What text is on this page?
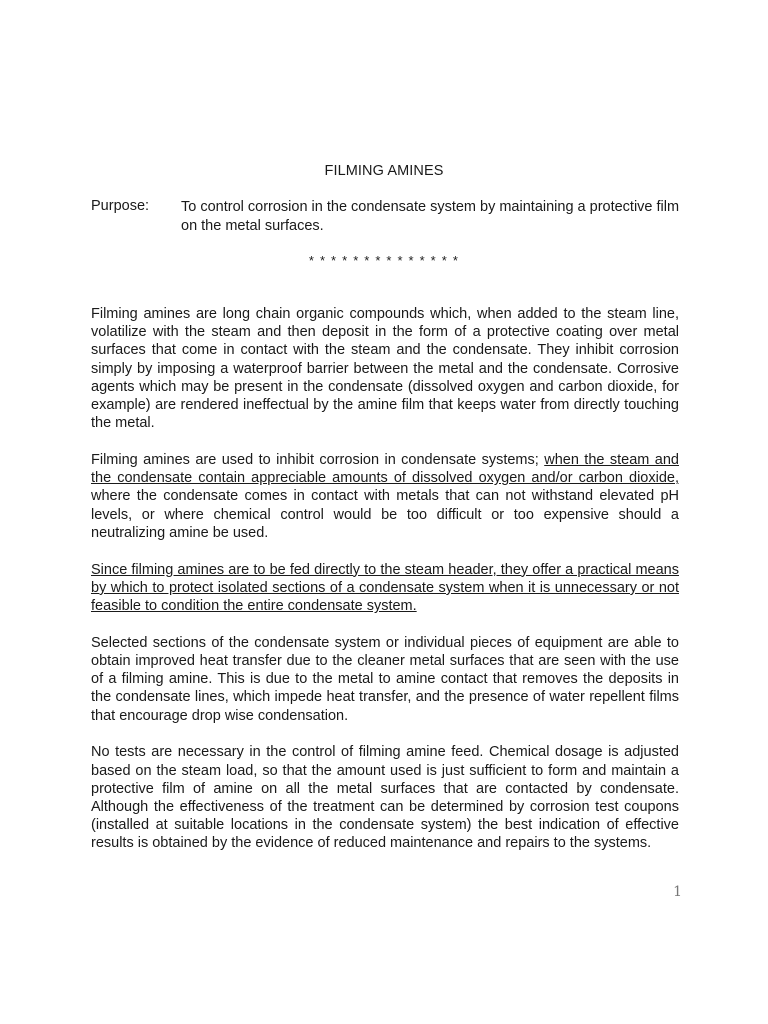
FILMING AMINES
Purpose: To control corrosion in the condensate system by maintaining a protective film on the metal surfaces.
* * * * * * * * * * * * * *

Filming amines are long chain organic compounds which, when added to the steam line, volatilize with the steam and then deposit in the form of a protective coating over metal surfaces that come in contact with the steam and the condensate. They inhibit corrosion simply by imposing a waterproof barrier between the metal and the condensate. Corrosive agents which may be present in the condensate (dissolved oxygen and carbon dioxide, for example) are rendered ineffectual by the amine film that keeps water from directly touching the metal.

Filming amines are used to inhibit corrosion in condensate systems; when the steam and the condensate contain appreciable amounts of dissolved oxygen and/or carbon dioxide, where the condensate comes in contact with metals that can not withstand elevated pH levels, or where chemical control would be too difficult or too expensive should a neutralizing amine be used.

Since filming amines are to be fed directly to the steam header, they offer a practical means by which to protect isolated sections of a condensate system when it is unnecessary or not feasible to condition the entire condensate system.

Selected sections of the condensate system or individual pieces of equipment are able to obtain improved heat transfer due to the cleaner metal surfaces that are seen with the use of a filming amine. This is due to the metal to amine contact that removes the deposits in the condensate lines, which impede heat transfer, and the presence of water repellent films that encourage drop wise condensation.

No tests are necessary in the control of filming amine feed. Chemical dosage is adjusted based on the steam load, so that the amount used is just sufficient to form and maintain a protective film of amine on all the metal surfaces that are contacted by condensate. Although the effectiveness of the treatment can be determined by corrosion test coupons (installed at suitable locations in the condensate system) the best indication of effective results is obtained by the evidence of reduced maintenance and repairs to the systems.

1
